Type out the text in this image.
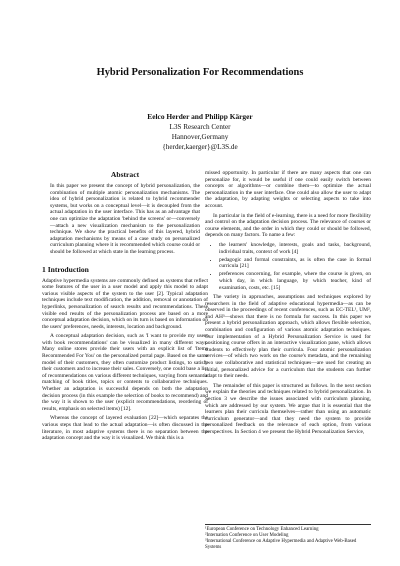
Hybrid Personalization For Recommendations
Eelco Herder and Philipp Kärger
L3S Research Center
Hannover,Germany
{herder,kaerger}@L3S.de
Abstract

In this paper we present the concept of hybrid personalization, the combination of multiple atomic personalization mechanisms. The idea of hybrid personalization is related to hybrid recommender systems, but works on a conceptual level—it is decoupled from the actual adaptation in the user interface. This has as an advantage that one can optimize the adaptation 'behind the screens' or—conversely—attach a new visualization mechanism to the personalization technique. We show the practical benefits of this layered, hybrid adaptation mechanisms by means of a case study on personalized curriculum planning where it is recommended which course could or should be followed at which state in the learning process.

1 Introduction

Adaptive hypermedia systems are commonly defined as systems that reflect some features of the user in a user model and apply this model to adapt various visible aspects of the system to the user [2]. Typical adaptation techniques include text modification, the addition, removal or annotation of hyperlinks, personalization of search results and recommendations. These visible end results of the personalization process are based on a more conceptual adaptation decision, which on its turn is based on information on the users' preferences, needs, interests, location and background.

A conceptual adaptation decision, such as 'I want to provide my users with book recommendations' can be visualized in many different ways. Many online stores provide their users with an explicit list of 'Items Recommended For You' on the personalized portal page. Based on the same model of their customers, they often customize product listings, to satisfy their customers and to increase their sales. Conversely, one could base a list of recommendations on various different techniques, varying from semantic matching of book titles, topics or contents to collaborative techniques. Whether an adaptation is successful depends on both the adaptation decision process (in this example the selection of books to recommend) and the way it is shown to the user (explicit recommendations, reordering of results, emphasis on selected items) [12].

Whereas the concept of layered evaluation [22]—which separates the various steps that lead to the actual adaptation—is often discussed in the literature, in most adaptive systems there is no separation between the adaptation concept and the way it is visualized. We think this is a

missed opportunity. In particular if there are many aspects that one can personalize for, it would be useful if one could easily switch between concepts or algorithms—or combine them—to optimize the actual personalization in the user interface. One could also allow the user to adapt the adaptation, by adapting weights or selecting aspects to take into account.

In particular in the field of e-learning, there is a need for more flexibility and control on the adaptation decision process. The relevance of courses or course elements, and the order in which they could or should be followed, depends on many factors. To name a few:

• the learners' knowledge, interests, goals and tasks, background, individual traits, context of work [4]
• pedagogic and formal constraints, as is often the case in formal curricula [21]
• preferences concerning, for example, where the course is given, on which day, in which language, by which teacher, kind of examination, costs, etc. [15]

The variety in approaches, assumptions and techniques explored by researchers in the field of adaptive educational hypermedia—as can be observed in the proceedings of recent conferences, such as EC-TEL¹, UM², and AH³—shows that there is no formula for success. In this paper we present a hybrid personalization approach, which allows flexible selection, combination and configuration of various atomic adaptation techniques. Our implementation of a Hybrid Personalization Service is used for positioning course offers in an interactive visualization pane, which allows students to effectively plan their curricula. Four atomic personalization services—of which two work on the course's metadata, and the remaining two use collaborative and statistical techniques—are used for creating an initial, personalized advice for a curriculum that the students can further adapt to their needs.

The remainder of this paper is structured as follows. In the next section we explain the theories and techniques related to hybrid personalization. In Section 3 we describe the issues associated with curriculum planning, which are addressed by our system. We argue that it is essential that the learners plan their curricula themselves—rather than using an automatic curriculum generator—and that they need the system to provide personalized feedback on the relevance of each option, from various perspectives. In Section 4 we present the Hybrid Personalization Service,

¹European Conference on Technology Enhanced Learning
²Internation Conference on User Modeling
³International Conference on Adaptive Hypermedia and Adaptive Web-Based Systems
